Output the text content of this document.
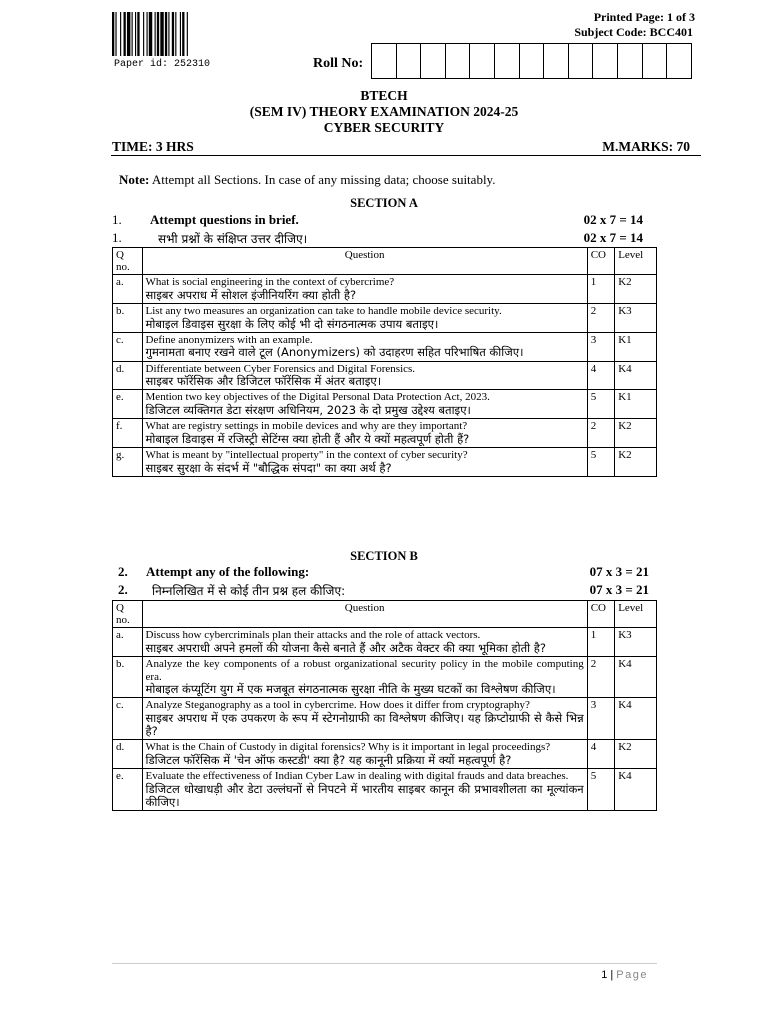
Paper id: 252310
Printed Page: 1 of 3
Subject Code: BCC401
Roll No:
BTECH
(SEM IV) THEORY EXAMINATION 2024-25
CYBER SECURITY
TIME: 3 HRS	M.MARKS: 70
Note: Attempt all Sections. In case of any missing data; choose suitably.
SECTION A
1. Attempt questions in brief.	02 x 7 = 14
1.	सभी प्रश्नों के संक्षिप्त उत्तर दीजिए।	02 x 7 = 14
Q no.	Question	CO	Level
a.	What is social engineering in the context of cybercrime?
साइबर अपराध में सोशल इंजीनियरिंग क्या होती है?	1	K2
b.	List any two measures an organization can take to handle mobile device security.
मोबाइल डिवाइस सुरक्षा के लिए कोई भी दो संगठनात्मक उपाय बताइए।	2	K3
c.	Define anonymizers with an example.
गुमनामता बनाए रखने वाले टूल (Anonymizers) को उदाहरण सहित परिभाषित कीजिए।	3	K1
d.	Differentiate between Cyber Forensics and Digital Forensics.
साइबर फॉरेंसिक और डिजिटल फॉरेंसिक में अंतर बताइए।	4	K4
e.	Mention two key objectives of the Digital Personal Data Protection Act, 2023.
डिजिटल व्यक्तिगत डेटा संरक्षण अधिनियम, 2023 के दो प्रमुख उद्देश्य बताइए।	5	K1
f.	What are registry settings in mobile devices and why are they important?
मोबाइल डिवाइस में रजिस्ट्री सेटिंग्स क्या होती हैं और ये क्यों महत्वपूर्ण होती हैं?	2	K2
g.	What is meant by "intellectual property" in the context of cyber security?
साइबर सुरक्षा के संदर्भ में "बौद्धिक संपदा" का क्या अर्थ है?	5	K2
SECTION B
2. Attempt any of the following:	07 x 3 = 21
2. निम्नलिखित में से कोई तीन प्रश्न हल कीजिए:	07 x 3 = 21
Q no.	Question	CO	Level
a.	Discuss how cybercriminals plan their attacks and the role of attack vectors.
साइबर अपराधी अपने हमलों की योजना कैसे बनाते हैं और अटैक वेक्टर की क्या भूमिका होती है?	1	K3
b.	Analyze the key components of a robust organizational security policy in the mobile computing era.
मोबाइल कंप्यूटिंग युग में एक मजबूत संगठनात्मक सुरक्षा नीति के मुख्य घटकों का विश्लेषण कीजिए।	2	K4
c.	Analyze Steganography as a tool in cybercrime. How does it differ from cryptography?
साइबर अपराध में एक उपकरण के रूप में स्टेगनोग्राफी का विश्लेषण कीजिए। यह क्रिप्टोग्राफी से कैसे भिन्न है?	3	K4
d.	What is the Chain of Custody in digital forensics? Why is it important in legal proceedings?
डिजिटल फॉरेंसिक में 'चेन ऑफ कस्टडी' क्या है? यह कानूनी प्रक्रिया में क्यों महत्वपूर्ण है?	4	K2
e.	Evaluate the effectiveness of Indian Cyber Law in dealing with digital frauds and data breaches.
डिजिटल धोखाधड़ी और डेटा उल्लंघनों से निपटने में भारतीय साइबर कानून की प्रभावशीलता का मूल्यांकन कीजिए।	5	K4
1 | Page
